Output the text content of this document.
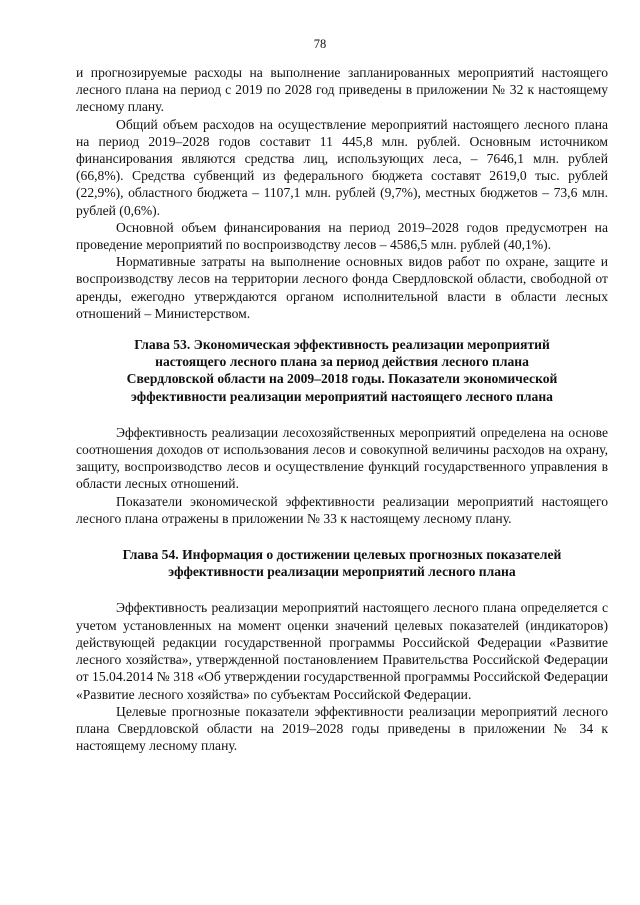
78

и прогнозируемые расходы на выполнение запланированных мероприятий настоящего лесного плана на период с 2019 по 2028 год приведены в приложении № 32 к настоящему лесному плану.

Общий объем расходов на осуществление мероприятий настоящего лесного плана на период 2019–2028 годов составит 11 445,8 млн. рублей. Основным источником финансирования являются средства лиц, использующих леса, – 7646,1 млн. рублей (66,8%). Средства субвенций из федерального бюджета составят 2619,0 тыс. рублей (22,9%), областного бюджета – 1107,1 млн. рублей (9,7%), местных бюджетов – 73,6 млн. рублей (0,6%).

Основной объем финансирования на период 2019–2028 годов предусмотрен на проведение мероприятий по воспроизводству лесов – 4586,5 млн. рублей (40,1%).

Нормативные затраты на выполнение основных видов работ по охране, защите и воспроизводству лесов на территории лесного фонда Свердловской области, свободной от аренды, ежегодно утверждаются органом исполнительной власти в области лесных отношений – Министерством.

Глава 53. Экономическая эффективность реализации мероприятий
настоящего лесного плана за период действия лесного плана
Свердловской области на 2009–2018 годы. Показатели экономической
эффективности реализации мероприятий настоящего лесного плана

Эффективность реализации лесохозяйственных мероприятий определена на основе соотношения доходов от использования лесов и совокупной величины расходов на охрану, защиту, воспроизводство лесов и осуществление функций государственного управления в области лесных отношений.

Показатели экономической эффективности реализации мероприятий настоящего лесного плана отражены в приложении № 33 к настоящему лесному плану.

Глава 54. Информация о достижении целевых прогнозных показателей
эффективности реализации мероприятий лесного плана

Эффективность реализации мероприятий настоящего лесного плана определяется с учетом установленных на момент оценки значений целевых показателей (индикаторов) действующей редакции государственной программы Российской Федерации «Развитие лесного хозяйства», утвержденной постановлением Правительства Российской Федерации от 15.04.2014 № 318 «Об утверждении государственной программы Российской Федерации «Развитие лесного хозяйства» по субъектам Российской Федерации.

Целевые прогнозные показатели эффективности реализации мероприятий лесного плана Свердловской области на 2019–2028 годы приведены в приложении № 34 к настоящему лесному плану.
